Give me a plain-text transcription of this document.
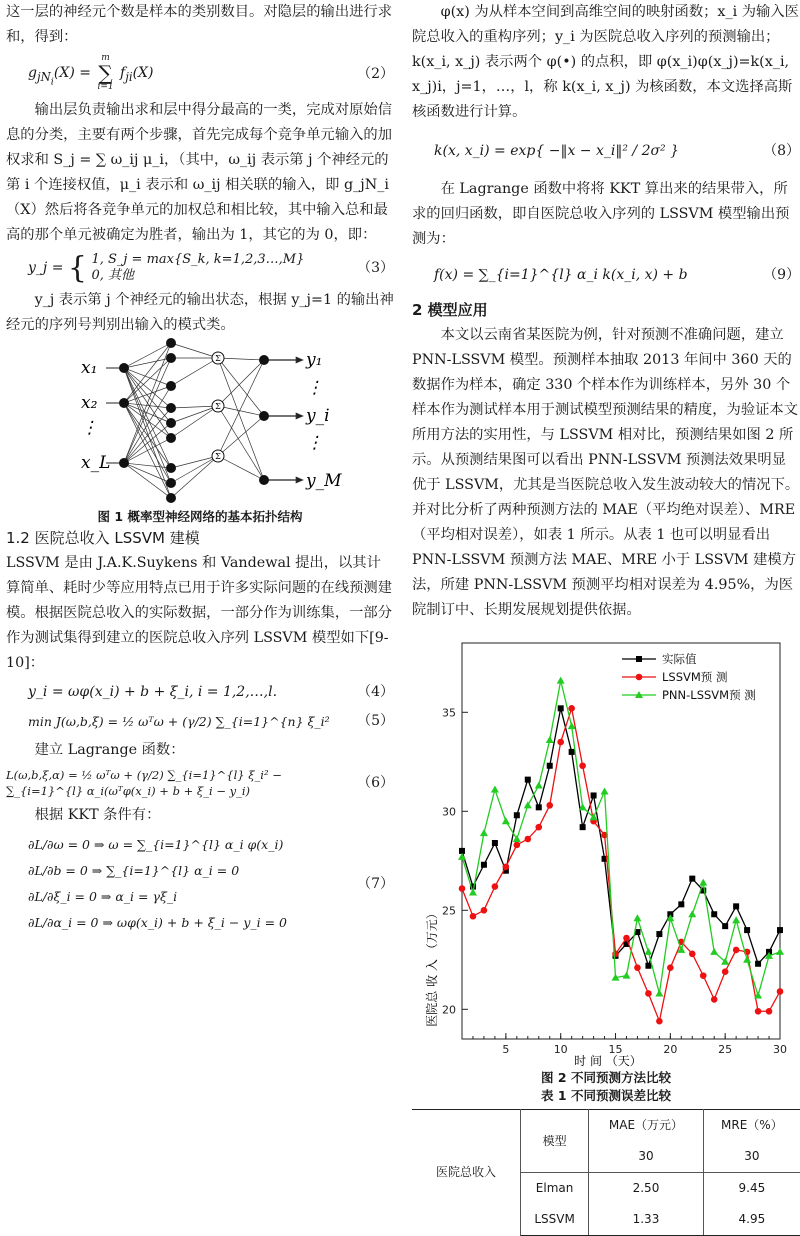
这一层的神经元个数是样本的类别数目。对隐层的输出进行求和，得到：

$g_{jN_i}(X)$ =
m
∑
i=1
$f_{ji}(X)$	（2）

输出层负责输出求和层中得分最高的一类，完成对原始信息的分类，主要有两个步骤，首先完成每个竞争单元输入的加权求和 S_j = ∑ ω_ij μ_i，（其中，ω_ij 表示第 j 个神经元的第 i 个连接权值，μ_i 表示和 ω_ij 相关联的输入，即 g_jN_i（X）然后将各竞争单元的加权总和相比较，其中输入总和最高的那个单元被确定为胜者，输出为 1，其它的为 0，即：

y_j = { 1, S_j = max{S_k, k=1,2,3…,M}
0, 其他	（3）

y_j 表示第 j 个神经元的输出状态，根据 y_j=1 的输出神经元的序列号判别出输入的模式类。

Σ
Σ
Σ
x₁
x₂
⋮
x_L
y₁
⋮
y_i
⋮
y_M
图 1 概率型神经网络的基本拓扑结构

1.2 医院总收入 LSSVM 建模

LSSVM 是由 J.A.K.Suykens 和 Vandewal 提出，以其计算简单、耗时少等应用特点已用于许多实际问题的在线预测建模。根据医院总收入的实际数据，一部分作为训练集，一部分作为测试集得到建立的医院总收入序列 LSSVM 模型如下[9-10]：

y_i = ωφ(x_i) + b + ξ_i, i = 1,2,…,l.	（4）
min J(ω,b,ξ) = ½ ωᵀω + (γ/2) ∑_{i=1}^{n} ξ_i² （5）

建立 Lagrange 函数：

L(ω,b,ξ,α) = ½ ωᵀω + (γ/2) ∑_{i=1}^{l} ξ_i² − ∑_{i=1}^{l} α_i(ωᵀφ(x_i) + b + ξ_i − y_i)
（6）

根据 KKT 条件有：

∂L/∂ω = 0 ⇒ ω = ∑_{i=1}^{l} α_i φ(x_i)
∂L/∂b = 0 ⇒ ∑_{i=1}^{l} α_i = 0
∂L/∂ξ_i = 0 ⇒ α_i = γξ_i
∂L/∂α_i = 0 ⇒ ωφ(x_i) + b + ξ_i − y_i = 0
（7）

φ(x) 为从样本空间到高维空间的映射函数；x_i 为输入医院总收入的重构序列；y_i 为医院总收入序列的预测输出；k(x_i, x_j) 表示两个 φ(•) 的点积，即 φ(x_i)φ(x_j)=k(x_i, x_j)i，j=1，…，l，称 k(x_i, x_j) 为核函数，本文选择高斯核函数进行计算。

k(x, x_i) = exp{ −‖x − x_i‖² / 2σ² }	（8）

在 Lagrange 函数中将将 KKT 算出来的结果带入，所求的回归函数，即自医院总收入序列的 LSSVM 模型输出预测为：

f(x) = ∑_{i=1}^{l} α_i k(x_i, x) + b	（9）

2 模型应用

本文以云南省某医院为例，针对预测不准确问题，建立 PNN-LSSVM 模型。预测样本抽取 2013 年间中 360 天的数据作为样本，确定 330 个样本作为训练样本，另外 30 个样本作为测试样本用于测试模型预测结果的精度，为验证本文所用方法的实用性，与 LSSVM 相对比，预测结果如图 2 所示。从预测结果图可以看出 PNN-LSSVM 预测法效果明显优于 LSSVM，尤其是当医院总收入发生波动较大的情况下。并对比分析了两种预测方法的 MAE（平均绝对误差）、MRE（平均相对误差），如表 1 所示。从表 1 也可以明显看出 PNN-LSSVM 预测方法 MAE、MRE 小于 LSSVM 建模方法，所建 PNN-LSSVM 预测平均相对误差为 4.95%，为医院制订中、长期发展规划提供依据。

5	10	15	20	25	30
20
25
30
35
实际值
LSSVM预 测
PNN-LSSVM预 测
时 间 （天）
医院总 收 入 （万元）
图 2 不同预测方法比较
表 1 不同预测误差比较
医院总收入	模型	MAE（万元）	MRE（%）
		30	30
	Elman	2.50	9.45
	LSSVM	1.33	4.95
